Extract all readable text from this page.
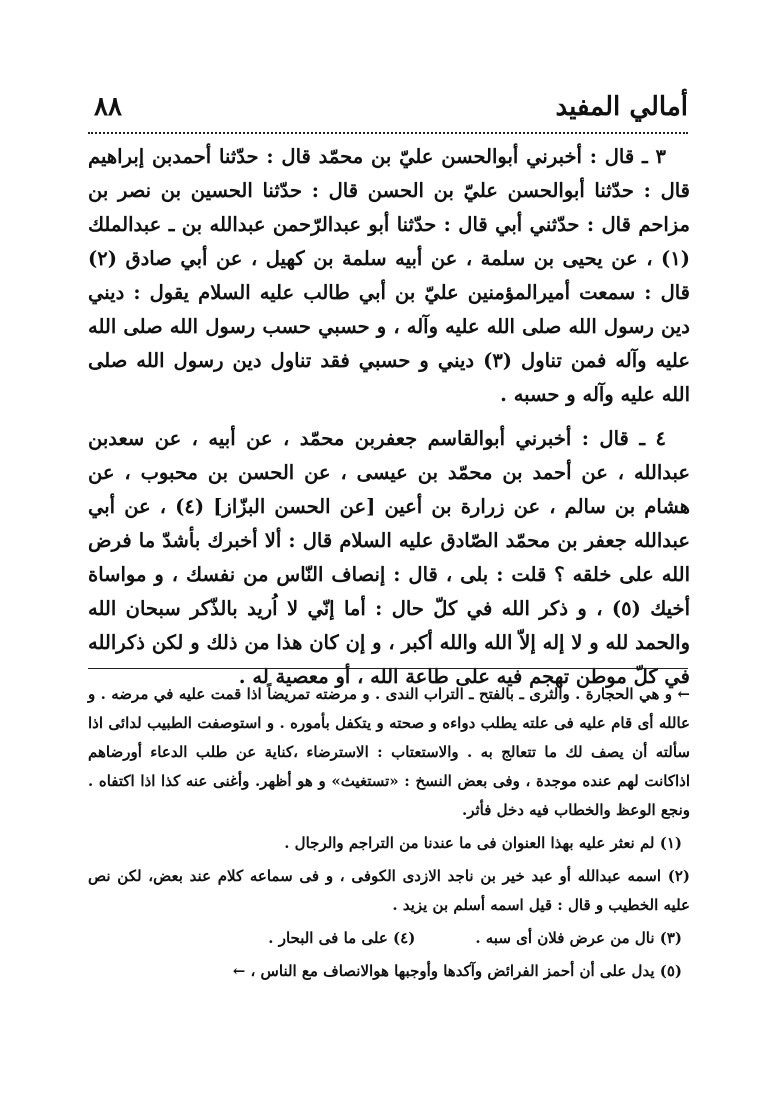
أمالي المفيد
٨٨

٣ ـ قال : أخبرني أبوالحسن عليّ بن محمّد قال : حدّثنا أحمدبن إبراهيم قال : حدّثنا أبوالحسن عليّ بن الحسن قال : حدّثنا الحسين بن نصر بن مزاحم قال : حدّثني أبي قال : حدّثنا أبو عبدالرّحمن عبدالله بن ـ عبدالملك (١) ، عن يحيى بن سلمة ، عن أبيه سلمة بن كهيل ، عن أبي صادق (٢) قال : سمعت أميرالمؤمنين عليّ بن أبي طالب عليه السلام يقول : ديني دين رسول الله صلى الله عليه وآله ، و حسبي حسب رسول الله صلى الله عليه وآله فمن تناول (٣) ديني و حسبي فقد تناول دين رسول الله صلى الله عليه وآله و حسبه .

٤ ـ قال : أخبرني أبوالقاسم جعفربن محمّد ، عن أبيه ، عن سعدبن عبدالله ، عن أحمد بن محمّد بن عيسى ، عن الحسن بن محبوب ، عن هشام بن سالم ، عن زرارة بن أعين [عن الحسن البزّاز] (٤) ، عن أبي عبدالله جعفر بن محمّد الصّادق عليه السلام قال : ألا أخبرك بأشدّ ما فرض الله على خلقه ؟ قلت : بلى ، قال : إنصاف النّاس من نفسك ، و مواساة أخيك (٥) ، و ذكر الله في كلّ حال : أما إنّي لا اُريد بالذّكر سبحان الله والحمد لله و لا إله إلاّ الله والله أكبر ، و إن كان هذا من ذلك و لكن ذكرالله في كلّ موطن تهجم فيه على طاعة الله ، أو معصية له .

← و هي الحجارة . والثرى ـ بالفتح ـ التراب الندى . و مرضته تمريضاً اذا قمت عليه في مرضه . و عالله أى قام عليه فى علته يطلب دواءه و صحته و يتكفل بأموره . و استوصفت الطبيب لدائى اذا سألته أن يصف لك ما تتعالج به . والاستعتاب : الاسترضاء ،كناية عن طلب الدعاء أورضاهم اذاكانت لهم عنده موجدة ، وفى بعض النسخ : «تستغيث» و هو أظهر. وأغنى عنه كذا اذا اكتفاه . ونجع الوعظ والخطاب فيه دخل فأثر.

(١) لم نعثر عليه بهذا العنوان فى ما عندنا من التراجم والرجال .

(٢) اسمه عبدالله أو عبد خير بن ناجد الازدى الكوفى ، و فى سماعه كلام عند بعض، لكن نص عليه الخطيب و قال : قيل اسمه أسلم بن يزيد .

(٣) نال من عرض فلان أى سبه .(٤) على ما فى البحار .

(٥) يدل على أن أحمز الفرائض وآكدها وأوجبها هوالانصاف مع الناس ، ←
